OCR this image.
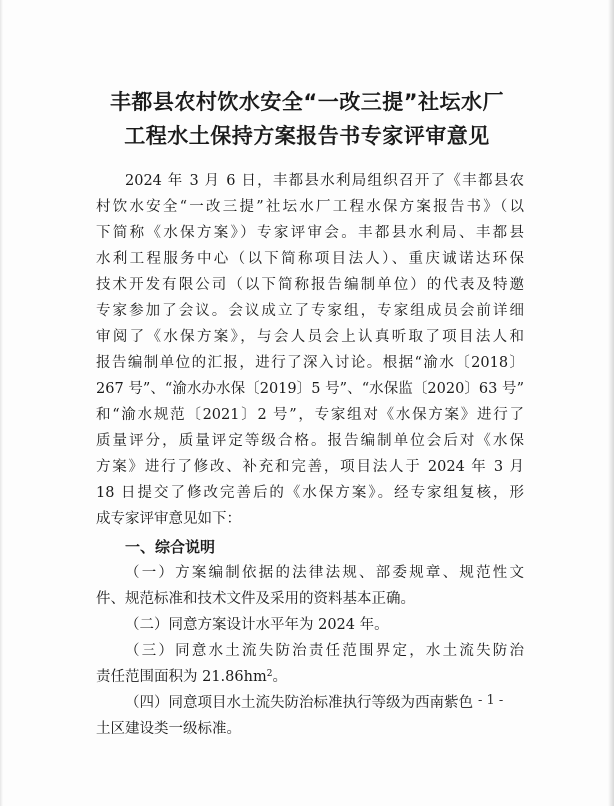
丰都县农村饮水安全“一改三提”社坛水厂
工程水土保持方案报告书专家评审意见
2024 年 3 月 6 日，丰都县水利局组织召开了《丰都县农
村饮水安全“一改三提”社坛水厂工程水保方案报告书》（以
下简称《水保方案》）专家评审会。丰都县水利局、丰都县
水利工程服务中心（以下简称项目法人）、重庆诚诺达环保
技术开发有限公司（以下简称报告编制单位）的代表及特邀
专家参加了会议。会议成立了专家组，专家组成员会前详细
审阅了《水保方案》，与会人员会上认真听取了项目法人和
报告编制单位的汇报，进行了深入讨论。根据“渝水〔2018〕
267 号”、“渝水办水保〔2019〕5 号”、“水保监〔2020〕63 号”
和“渝水规范〔2021〕2 号”，专家组对《水保方案》进行了
质量评分，质量评定等级合格。报告编制单位会后对《水保
方案》进行了修改、补充和完善，项目法人于 2024 年 3 月
18 日提交了修改完善后的《水保方案》。经专家组复核，形
成专家评审意见如下：
一、综合说明
（一）方案编制依据的法律法规、部委规章、规范性文
件、规范标准和技术文件及采用的资料基本正确。
（二）同意方案设计水平年为 2024 年。
（三）同意水土流失防治责任范围界定，水土流失防治
责任范围面积为 $21.86hm^2$。
（四）同意项目水土流失防治标准执行等级为西南紫色
土区建设类一级标准。
- 1 -
